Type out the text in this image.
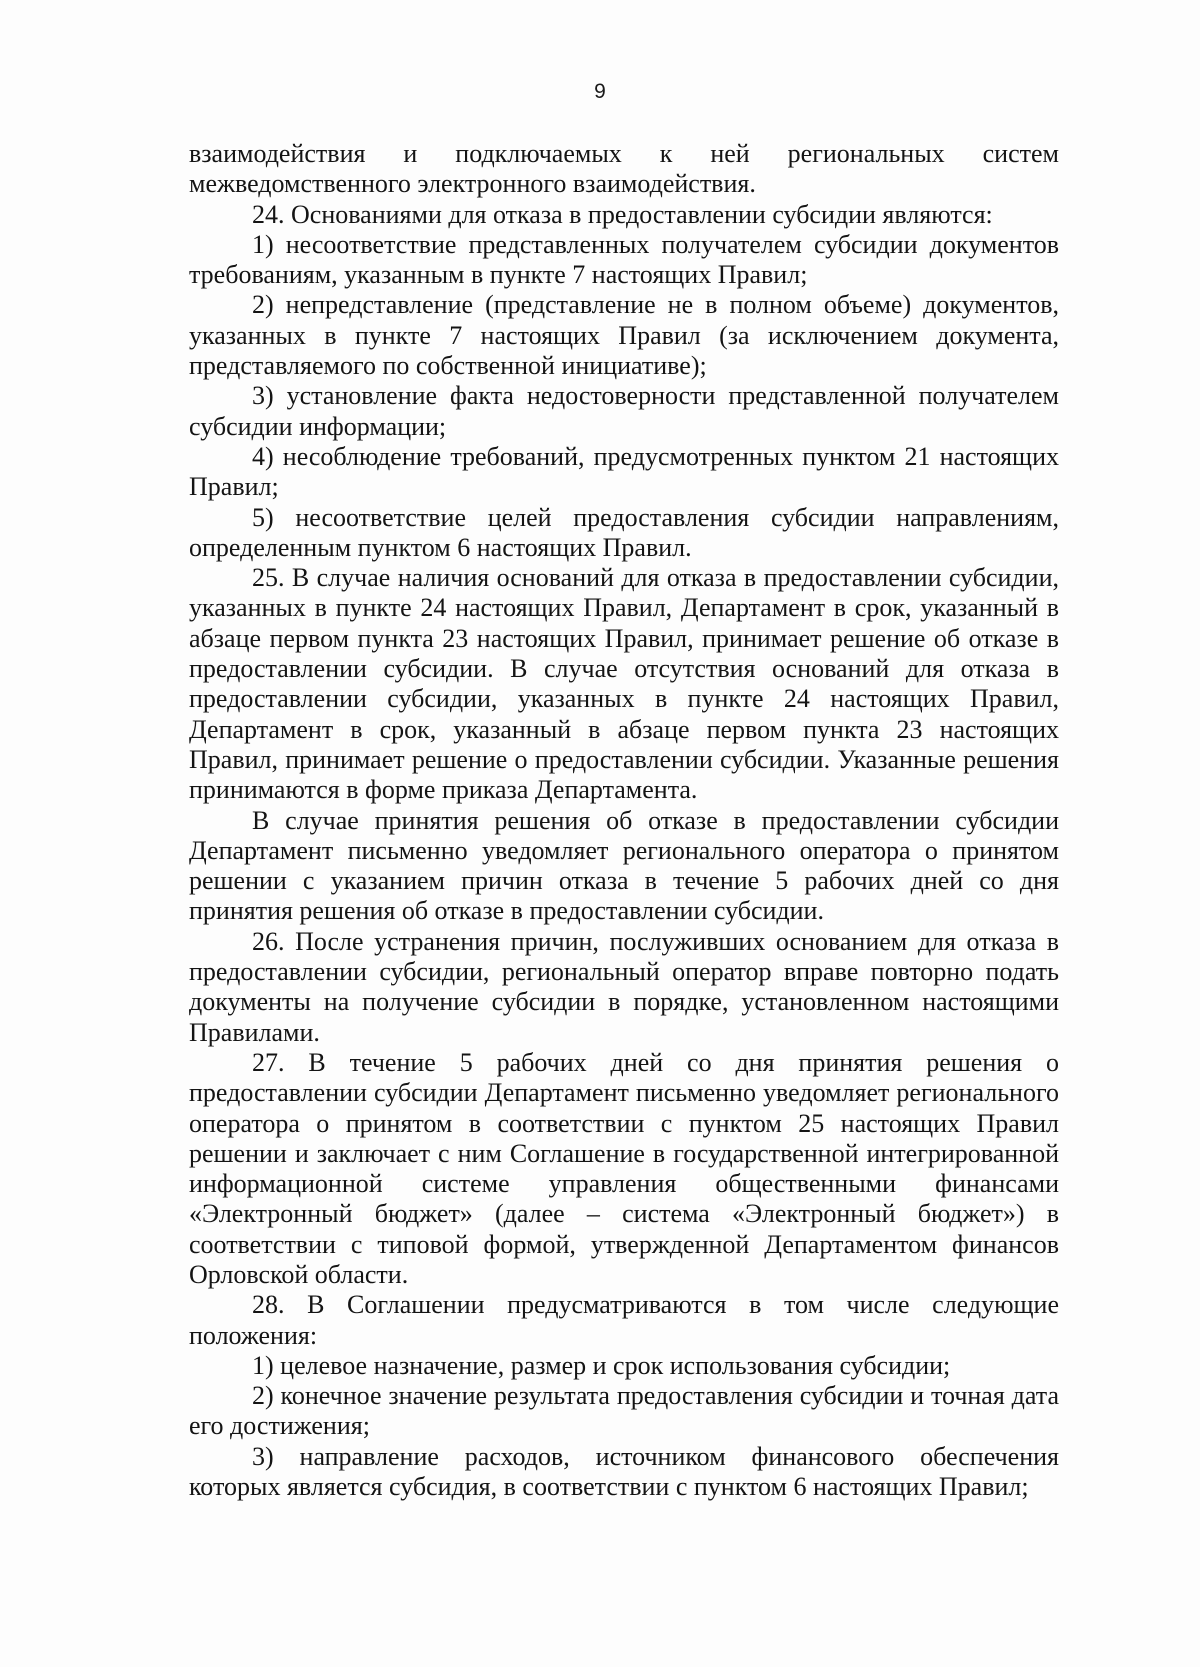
9

взаимодействия и подключаемых к ней региональных систем межведомственного электронного взаимодействия.

24. Основаниями для отказа в предоставлении субсидии являются:

1) несоответствие представленных получателем субсидии документов требованиям, указанным в пункте 7 настоящих Правил;

2) непредставление (представление не в полном объеме) документов, указанных в пункте 7 настоящих Правил (за исключением документа, представляемого по собственной инициативе);

3) установление факта недостоверности представленной получателем субсидии информации;

4) несоблюдение требований, предусмотренных пунктом 21 настоящих Правил;

5) несоответствие целей предоставления субсидии направлениям, определенным пунктом 6 настоящих Правил.

25. В случае наличия оснований для отказа в предоставлении субсидии, указанных в пункте 24 настоящих Правил, Департамент в срок, указанный в абзаце первом пункта 23 настоящих Правил, принимает решение об отказе в предоставлении субсидии. В случае отсутствия оснований для отказа в предоставлении субсидии, указанных в пункте 24 настоящих Правил, Департамент в срок, указанный в абзаце первом пункта 23 настоящих Правил, принимает решение о предоставлении субсидии. Указанные решения принимаются в форме приказа Департамента.

В случае принятия решения об отказе в предоставлении субсидии Департамент письменно уведомляет регионального оператора о принятом решении с указанием причин отказа в течение 5 рабочих дней со дня принятия решения об отказе в предоставлении субсидии.

26. После устранения причин, послуживших основанием для отказа в предоставлении субсидии, региональный оператор вправе повторно подать документы на получение субсидии в порядке, установленном настоящими Правилами.

27. В течение 5 рабочих дней со дня принятия решения о предоставлении субсидии Департамент письменно уведомляет регионального оператора о принятом в соответствии с пунктом 25 настоящих Правил решении и заключает с ним Соглашение в государственной интегрированной информационной системе управления общественными финансами «Электронный бюджет» (далее – система «Электронный бюджет») в соответствии с типовой формой, утвержденной Департаментом финансов Орловской области.

28. В Соглашении предусматриваются в том числе следующие положения:

1) целевое назначение, размер и срок использования субсидии;

2) конечное значение результата предоставления субсидии и точная дата его достижения;

3) направление расходов, источником финансового обеспечения которых является субсидия, в соответствии с пунктом 6 настоящих Правил;
